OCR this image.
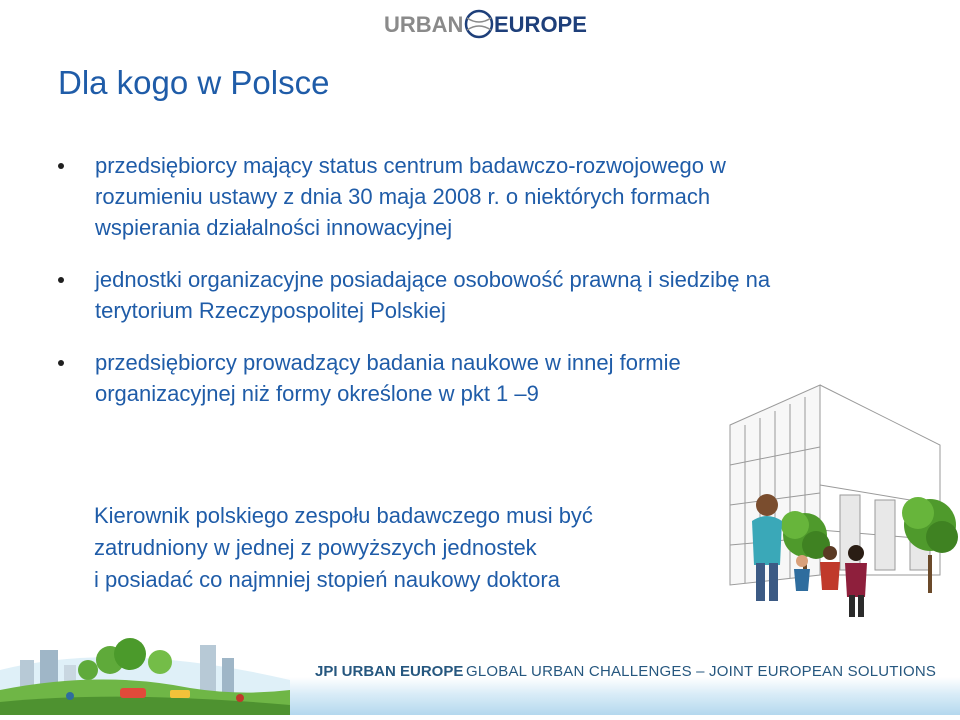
URBAN EUROPE
Dla kogo w Polsce
przedsiębiorcy mający status centrum badawczo-rozwojowego w rozumieniu ustawy z dnia 30 maja 2008 r. o niektórych formach wspierania działalności innowacyjnej
jednostki organizacyjne posiadające osobowość prawną i siedzibę na terytorium Rzeczypospolitej Polskiej
przedsiębiorcy prowadzący badania naukowe w innej formie organizacyjnej niż formy określone w pkt 1 –9
Kierownik polskiego zespołu badawczego musi być
zatrudniony w jednej z powyższych jednostek
i posiadać co najmniej stopień naukowy doktora
JPI URBAN EUROPE GLOBAL URBAN CHALLENGES – JOINT EUROPEAN SOLUTIONS
